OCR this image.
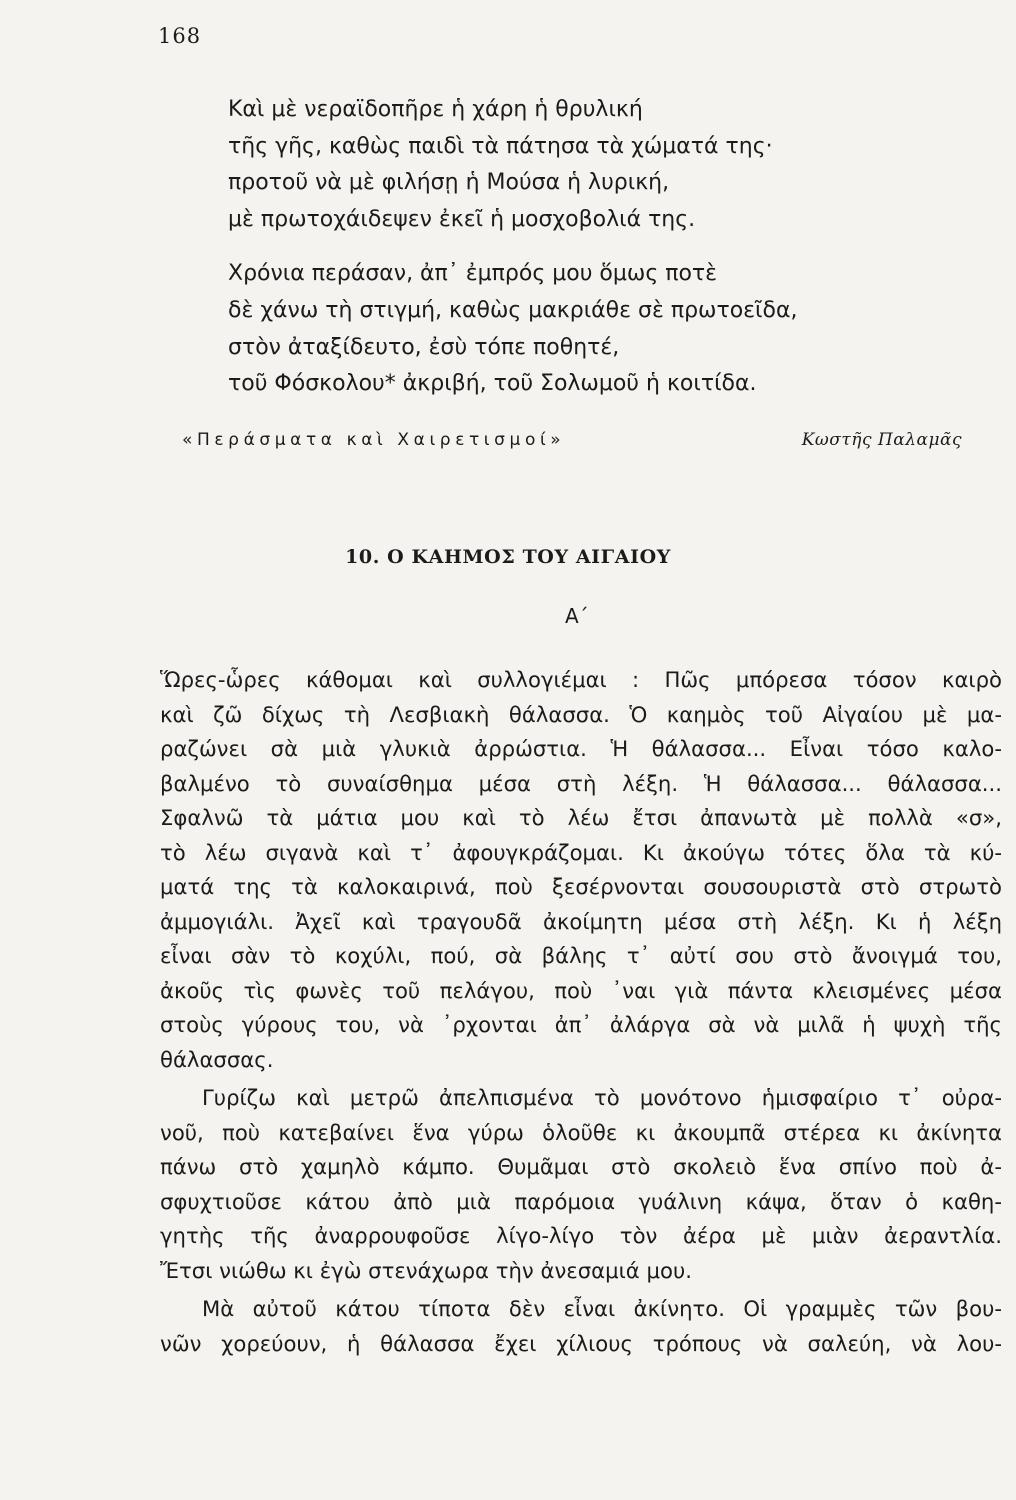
168
Καὶ μὲ νεραϊδοπῆρε ἡ χάρη ἡ θρυλική
τῆς γῆς, καθὼς παιδὶ τὰ πάτησα τὰ χώματά της·
προτοῦ νὰ μὲ φιλήσῃ ἡ Μούσα ἡ λυρική,
μὲ πρωτοχάιδεψεν ἐκεῖ ἡ μοσχοβολιά της.
Χρόνια περάσαν, ἀπ᾿ ἐμπρός μου ὅμως ποτὲ
δὲ χάνω τὴ στιγμή, καθὼς μακριάθε σὲ πρωτοεῖδα,
στὸν ἀταξίδευτο, ἐσὺ τόπε ποθητέ,
τοῦ Φόσκολου* ἀκριβή, τοῦ Σολωμοῦ ἡ κοιτίδα.
«Περάσματα καὶ Χαιρετισμοί»	Κωστῆς Παλαμᾶς
10. Ο ΚΑΗΜΟΣ ΤΟΥ ΑΙΓΑΙΟΥ
Α΄

Ὥρες-ὧρες κάθομαι καὶ συλλογιέμαι : Πῶς μπόρεσα τόσον καιρὸ
καὶ ζῶ δίχως τὴ Λεσβιακὴ θάλασσα. Ὁ καημὸς τοῦ Αἰγαίου μὲ μα-
ραζώνει σὰ μιὰ γλυκιὰ ἀρρώστια. Ἡ θάλασσα... Εἶναι τόσο καλο-
βαλμένο τὸ συναίσθημα μέσα στὴ λέξη. Ἡ θάλασσα... θάλασσα...
Σφαλνῶ τὰ μάτια μου καὶ τὸ λέω ἔτσι ἀπανωτὰ μὲ πολλὰ «σ»,
τὸ λέω σιγανὰ καὶ τ᾿ ἀφουγκράζομαι. Κι ἀκούγω τότες ὅλα τὰ κύ-
ματά της τὰ καλοκαιρινά, ποὺ ξεσέρνονται σουσουριστὰ στὸ στρωτὸ
ἀμμογιάλι. Ἀχεῖ καὶ τραγουδᾶ ἀκοίμητη μέσα στὴ λέξη. Κι ἡ λέξη
εἶναι σὰν τὸ κοχύλι, πού, σὰ βάλης τ᾿ αὐτί σου στὸ ἄνοιγμά του,
ἀκοῦς τὶς φωνὲς τοῦ πελάγου, ποὺ ᾿ναι γιὰ πάντα κλεισμένες μέσα
στοὺς γύρους του, νὰ ᾿ρχονται ἀπ᾿ ἀλάργα σὰ νὰ μιλᾶ ἡ ψυχὴ τῆς
θάλασσας.

Γυρίζω καὶ μετρῶ ἀπελπισμένα τὸ μονότονο ἡμισφαίριο τ᾿ οὐρα-
νοῦ, ποὺ κατεβαίνει ἕνα γύρω ὁλοῦθε κι ἀκουμπᾶ στέρεα κι ἀκίνητα
πάνω στὸ χαμηλὸ κάμπο. Θυμᾶμαι στὸ σκολειὸ ἕνα σπίνο ποὺ ἀ-
σφυχτιοῦσε κάτου ἀπὸ μιὰ παρόμοια γυάλινη κάψα, ὅταν ὁ καθη-
γητὴς τῆς ἀναρρουφοῦσε λίγο-λίγο τὸν ἀέρα μὲ μιὰν ἀεραντλία.
Ἔτσι νιώθω κι ἐγὼ στενάχωρα τὴν ἀνεσαμιά μου.

Μὰ αὐτοῦ κάτου τίποτα δὲν εἶναι ἀκίνητο. Οἱ γραμμὲς τῶν βου-
νῶν χορεύουν, ἡ θάλασσα ἔχει χίλιους τρόπους νὰ σαλεύη, νὰ λου-
